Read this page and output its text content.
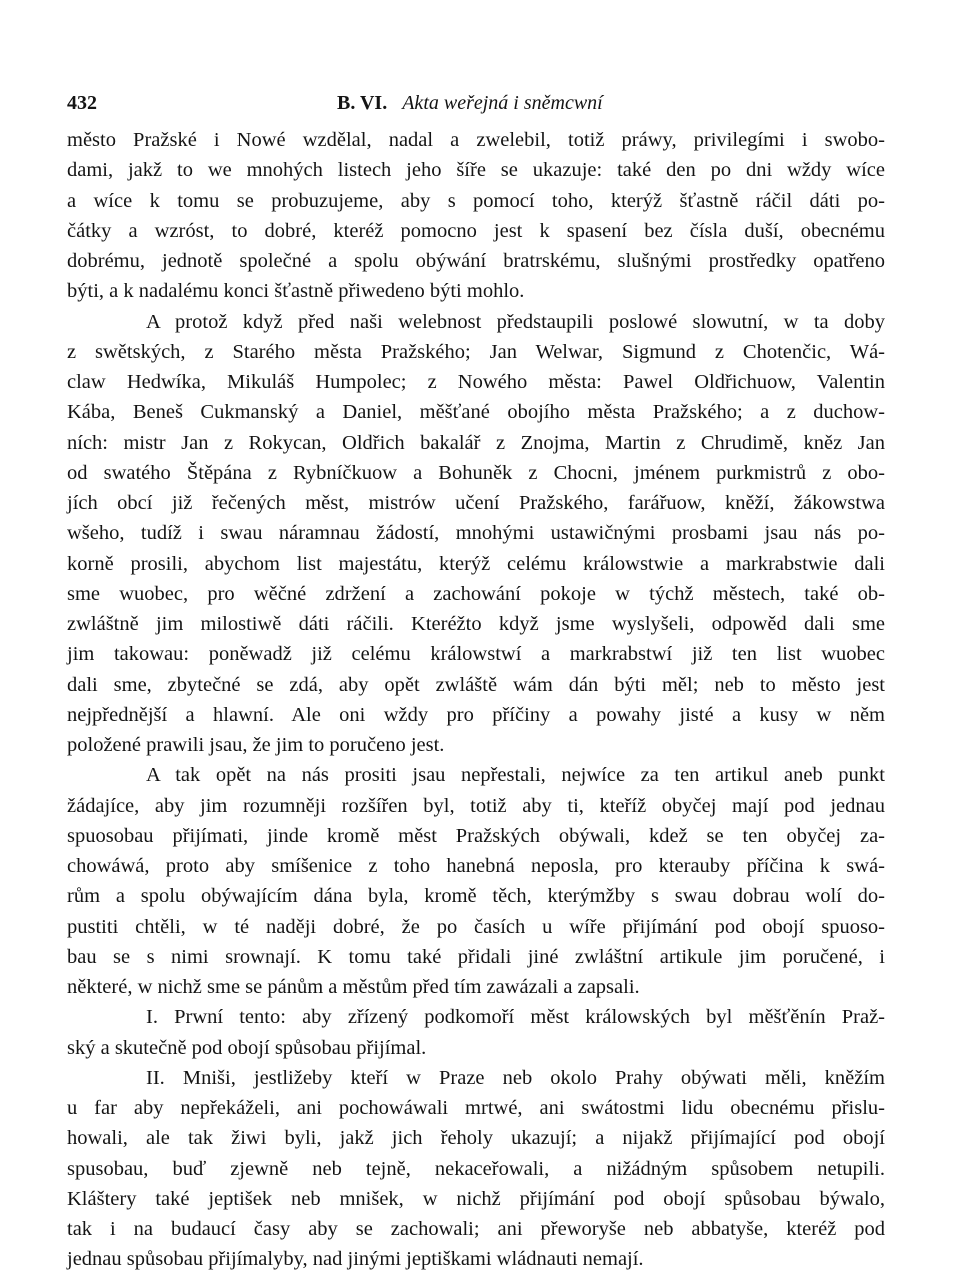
432	B. VI. Akta weřejná i sněmcwní
město Pražské i Nowé wzdělal, nadal a zwelebil, totiž práwy, privilegími i swobo-
dami, jakž to we mnohých listech jeho šíře se ukazuje: také den po dni wždy wíce
a wíce k tomu se probuzujeme, aby s pomocí toho, kterýž šťastně ráčil dáti po-
čátky a wzróst, to dobré, kteréž pomocno jest k spasení bez čísla duší, obecnému
dobrému, jednotě společné a spolu obýwání bratrskému, slušnými prostředky opatřeno
býti, a k nadalému konci šťastně přiwedeno býti mohlo.
A protož když před naši welebnost předstaupili poslowé slowutní, w ta doby
z swětských, z Starého města Pražského; Jan Welwar, Sigmund z Chotenčic, Wá-
claw Hedwíka, Mikuláš Humpolec; z Nowého města: Pawel Oldřichuow, Valentin
Kába, Beneš Cukmanský a Daniel, měšťané obojího města Pražského; a z duchow-
ních: mistr Jan z Rokycan, Oldřich bakalář z Znojma, Martin z Chrudimě, kněz Jan
od swatého Štěpána z Rybníčkuow a Bohuněk z Chocni, jménem purkmistrů z obo-
jích obcí již řečených měst, mistrów učení Pražského, farářuow, kněží, žákowstwa
wšeho, tudíž i swau náramnau žádostí, mnohými ustawičnými prosbami jsau nás po-
korně prosili, abychom list majestátu, kterýž celému králowstwie a markrabstwie dali
sme wuobec, pro wěčné zdržení a zachowání pokoje w týchž městech, také ob-
zwláštně jim milostiwě dáti ráčili. Kteréžto když jsme wyslyšeli, odpowěd dali sme
jim takowau: poněwadž již celému králowstwí a markrabstwí již ten list wuobec
dali sme, zbytečné se zdá, aby opět zwláště wám dán býti měl; neb to město jest
nejpřednější a hlawní. Ale oni wždy pro příčiny a powahy jisté a kusy w něm
položené prawili jsau, že jim to poručeno jest.
A tak opět na nás prositi jsau nepřestali, nejwíce za ten artikul aneb punkt
žádajíce, aby jim rozumněji rozšířen byl, totiž aby ti, kteříž obyčej mají pod jednau
spuosobau přijímati, jinde kromě měst Pražských obýwali, kdež se ten obyčej za-
chowáwá, proto aby smíšenice z toho hanebná neposla, pro kterauby příčina k swá-
rům a spolu obýwajícím dána byla, kromě těch, kterýmžby s swau dobrau wolí do-
pustiti chtěli, w té naději dobré, že po časích u wíře přijímání pod obojí spuoso-
bau se s nimi srownají. K tomu také přidali jiné zwláštní artikule jim poručené, i
některé, w nichž sme se pánům a městům před tím zawázali a zapsali.
I. Prwní tento: aby zřízený podkomoří měst králowských byl měšťěnín Praž-
ský a skutečně pod obojí spůsobau přijímal.
II. Mniši, jestližeby kteří w Praze neb okolo Prahy obýwati měli, kněžím
u far aby nepřekáželi, ani pochowáwali mrtwé, ani swátostmi lidu obecnému přislu-
howali, ale tak žiwi byli, jakž jich řeholy ukazují; a nijakž přijímající pod obojí
spusobau, buď zjewně neb tejně, nekaceřowali, a nižádným spůsobem netupili.
Kláštery také jeptišek neb mnišek, w nichž přijímání pod obojí spůsobau býwalo,
tak i na budaucí časy aby se zachowali; ani přeworyše neb abbatyše, kteréž pod
jednau spůsobau přijímalyby, nad jinými jeptiškami wládnauti nemají.
